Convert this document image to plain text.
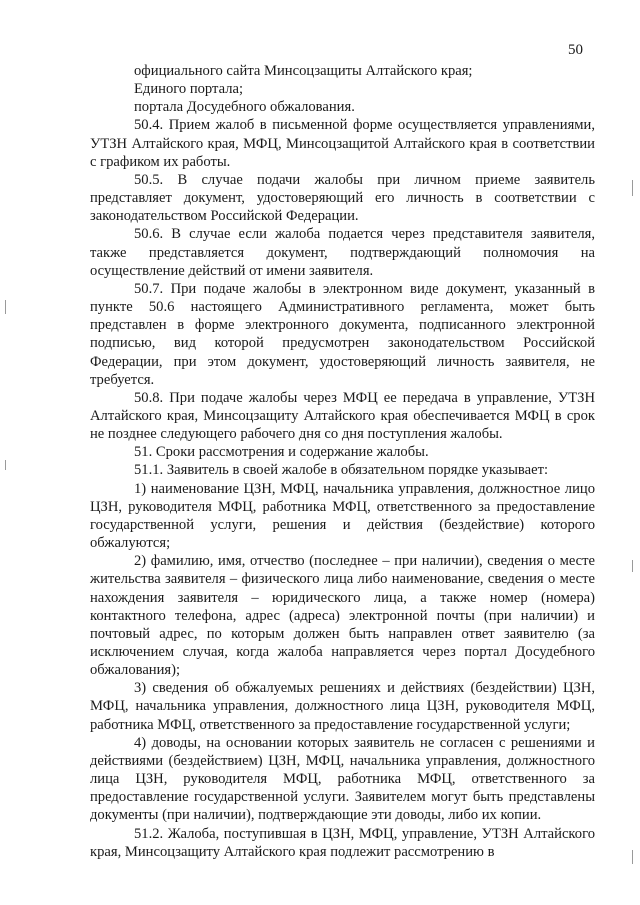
50

официального сайта Минсоцзащиты Алтайского края;

Единого портала;

портала Досудебного обжалования.

50.4. Прием жалоб в письменной форме осуществляется управлениями, УТЗН Алтайского края, МФЦ, Минсоцзащитой Алтайского края в соответствии с графиком их работы.

50.5. В случае подачи жалобы при личном приеме заявитель представляет документ, удостоверяющий его личность в соответствии с законодательством Российской Федерации.

50.6. В случае если жалоба подается через представителя заявителя, также представляется документ, подтверждающий полномочия на осуществление действий от имени заявителя.

50.7. При подаче жалобы в электронном виде документ, указанный в пункте 50.6 настоящего Административного регламента, может быть представлен в форме электронного документа, подписанного электронной подписью, вид которой предусмотрен законодательством Российской Федерации, при этом документ, удостоверяющий личность заявителя, не требуется.

50.8. При подаче жалобы через МФЦ ее передача в управление, УТЗН Алтайского края, Минсоцзащиту Алтайского края обеспечивается МФЦ в срок не позднее следующего рабочего дня со дня поступления жалобы.

51. Сроки рассмотрения и содержание жалобы.

51.1. Заявитель в своей жалобе в обязательном порядке указывает:

1) наименование ЦЗН, МФЦ, начальника управления, должностное лицо ЦЗН, руководителя МФЦ, работника МФЦ, ответственного за предоставление государственной услуги, решения и действия (бездействие) которого обжалуются;

2) фамилию, имя, отчество (последнее – при наличии), сведения о месте жительства заявителя – физического лица либо наименование, сведения о месте нахождения заявителя – юридического лица, а также номер (номера) контактного телефона, адрес (адреса) электронной почты (при наличии) и почтовый адрес, по которым должен быть направлен ответ заявителю (за исключением случая, когда жалоба направляется через портал Досудебного обжалования);

3) сведения об обжалуемых решениях и действиях (бездействии) ЦЗН, МФЦ, начальника управления, должностного лица ЦЗН, руководителя МФЦ, работника МФЦ, ответственного за предоставление государственной услуги;

4) доводы, на основании которых заявитель не согласен с решениями и действиями (бездействием) ЦЗН, МФЦ, начальника управления, должностного лица ЦЗН, руководителя МФЦ, работника МФЦ, ответственного за предоставление государственной услуги. Заявителем могут быть представлены документы (при наличии), подтверждающие эти доводы, либо их копии.

51.2. Жалоба, поступившая в ЦЗН, МФЦ, управление, УТЗН Алтайского края, Минсоцзащиту Алтайского края подлежит рассмотрению в
